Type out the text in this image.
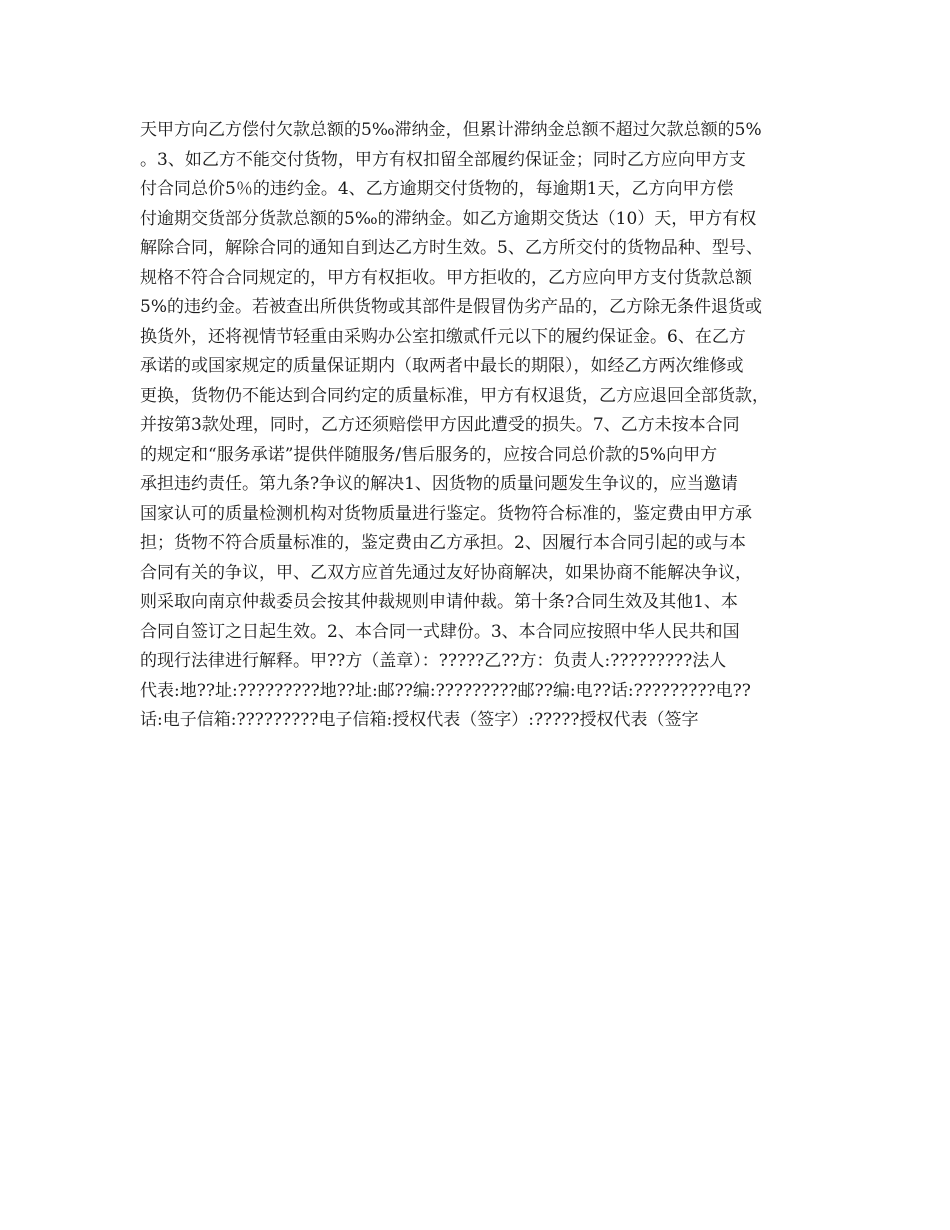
天甲方向乙方偿付欠款总额的5‰滞纳金，但累计滞纳金总额不超过欠款总额的5%
。3、如乙方不能交付货物，甲方有权扣留全部履约保证金；同时乙方应向甲方支
付合同总价5％的违约金。4、乙方逾期交付货物的，每逾期1天，乙方向甲方偿
付逾期交货部分货款总额的5‰的滞纳金。如乙方逾期交货达（10）天，甲方有权
解除合同，解除合同的通知自到达乙方时生效。5、乙方所交付的货物品种、型号、
规格不符合合同规定的，甲方有权拒收。甲方拒收的，乙方应向甲方支付货款总额
5%的违约金。若被查出所供货物或其部件是假冒伪劣产品的，乙方除无条件退货或
换货外，还将视情节轻重由采购办公室扣缴贰仟元以下的履约保证金。6、在乙方
承诺的或国家规定的质量保证期内（取两者中最长的期限），如经乙方两次维修或
更换，货物仍不能达到合同约定的质量标准，甲方有权退货，乙方应退回全部货款，
并按第3款处理，同时，乙方还须赔偿甲方因此遭受的损失。7、乙方未按本合同
的规定和“服务承诺”提供伴随服务/售后服务的，应按合同总价款的5%向甲方
承担违约责任。第九条?争议的解决1、因货物的质量问题发生争议的，应当邀请
国家认可的质量检测机构对货物质量进行鉴定。货物符合标准的，鉴定费由甲方承
担；货物不符合质量标准的，鉴定费由乙方承担。2、因履行本合同引起的或与本
合同有关的争议，甲、乙双方应首先通过友好协商解决，如果协商不能解决争议，
则采取向南京仲裁委员会按其仲裁规则申请仲裁。第十条?合同生效及其他1、本
合同自签订之日起生效。2、本合同一式肆份。3、本合同应按照中华人民共和国
的现行法律进行解释。甲??方（盖章）：?????乙??方：负责人:?????????法人
代表:地??址:?????????地??址:邮??编:?????????邮??编:电??话:?????????电??
话:电子信箱:?????????电子信箱:授权代表（签字）:?????授权代表（签字
